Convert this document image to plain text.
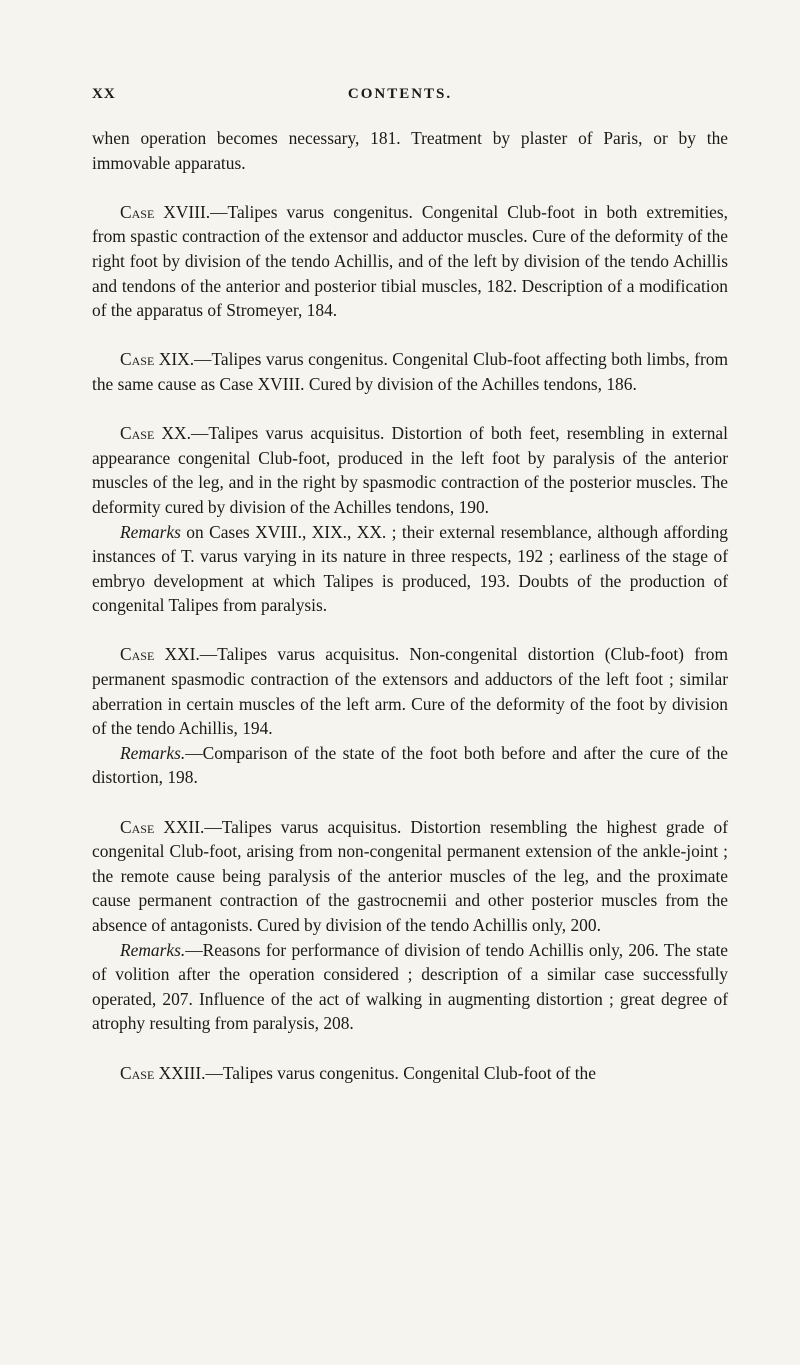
XX	CONTENTS.

when operation becomes necessary, 181. Treatment by plaster of Paris, or by the immovable apparatus.

Case XVIII.—Talipes varus congenitus. Congenital Club-foot in both extremities, from spastic contraction of the extensor and adductor muscles. Cure of the deformity of the right foot by division of the tendo Achillis, and of the left by division of the tendo Achillis and tendons of the anterior and posterior tibial muscles, 182. Description of a modification of the apparatus of Stromeyer, 184.

Case XIX.—Talipes varus congenitus. Congenital Club-foot affecting both limbs, from the same cause as Case XVIII. Cured by division of the Achilles tendons, 186.

Case XX.—Talipes varus acquisitus. Distortion of both feet, resembling in external appearance congenital Club-foot, produced in the left foot by paralysis of the anterior muscles of the leg, and in the right by spasmodic contraction of the posterior muscles. The deformity cured by division of the Achilles tendons, 190.

Remarks on Cases XVIII., XIX., XX. ; their external resemblance, although affording instances of T. varus varying in its nature in three respects, 192 ; earliness of the stage of embryo development at which Talipes is produced, 193. Doubts of the production of congenital Talipes from paralysis.

Case XXI.—Talipes varus acquisitus. Non-congenital distortion (Club-foot) from permanent spasmodic contraction of the extensors and adductors of the left foot ; similar aberration in certain muscles of the left arm. Cure of the deformity of the foot by division of the tendo Achillis, 194.

Remarks.—Comparison of the state of the foot both before and after the cure of the distortion, 198.

Case XXII.—Talipes varus acquisitus. Distortion resembling the highest grade of congenital Club-foot, arising from non-congenital permanent extension of the ankle-joint ; the remote cause being paralysis of the anterior muscles of the leg, and the proximate cause permanent contraction of the gastrocnemii and other posterior muscles from the absence of antagonists. Cured by division of the tendo Achillis only, 200.

Remarks.—Reasons for performance of division of tendo Achillis only, 206. The state of volition after the operation considered ; description of a similar case successfully operated, 207. Influence of the act of walking in augmenting distortion ; great degree of atrophy resulting from paralysis, 208.

Case XXIII.—Talipes varus congenitus. Congenital Club-foot of the
